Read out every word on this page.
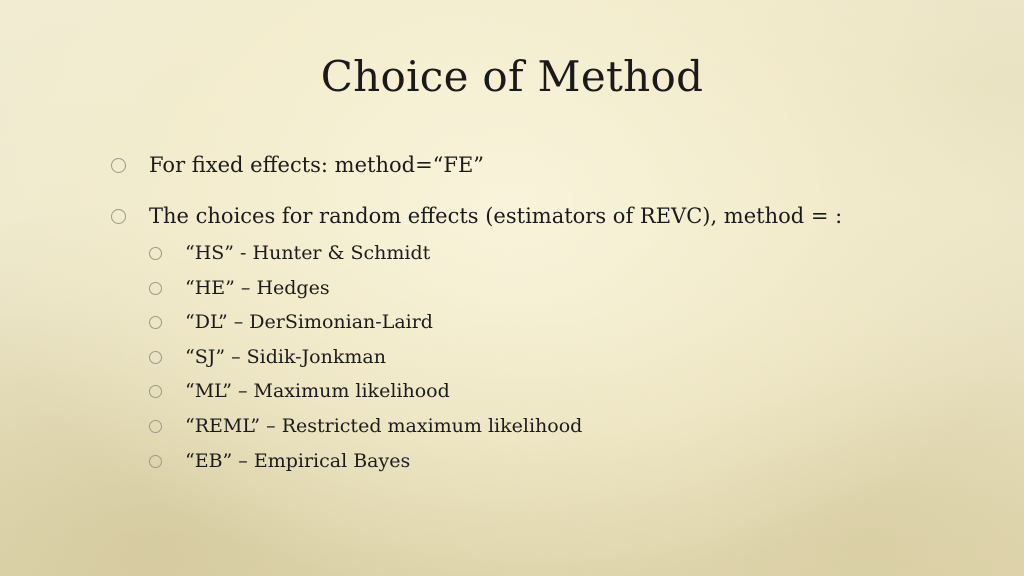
Choice of Method
For fixed effects: method=“FE”
The choices for random effects (estimators of REVC), method = :
“HS” - Hunter & Schmidt
“HE” – Hedges
“DL” – DerSimonian-Laird
“SJ” – Sidik-Jonkman
“ML” – Maximum likelihood
“REML” – Restricted maximum likelihood
“EB” – Empirical Bayes
